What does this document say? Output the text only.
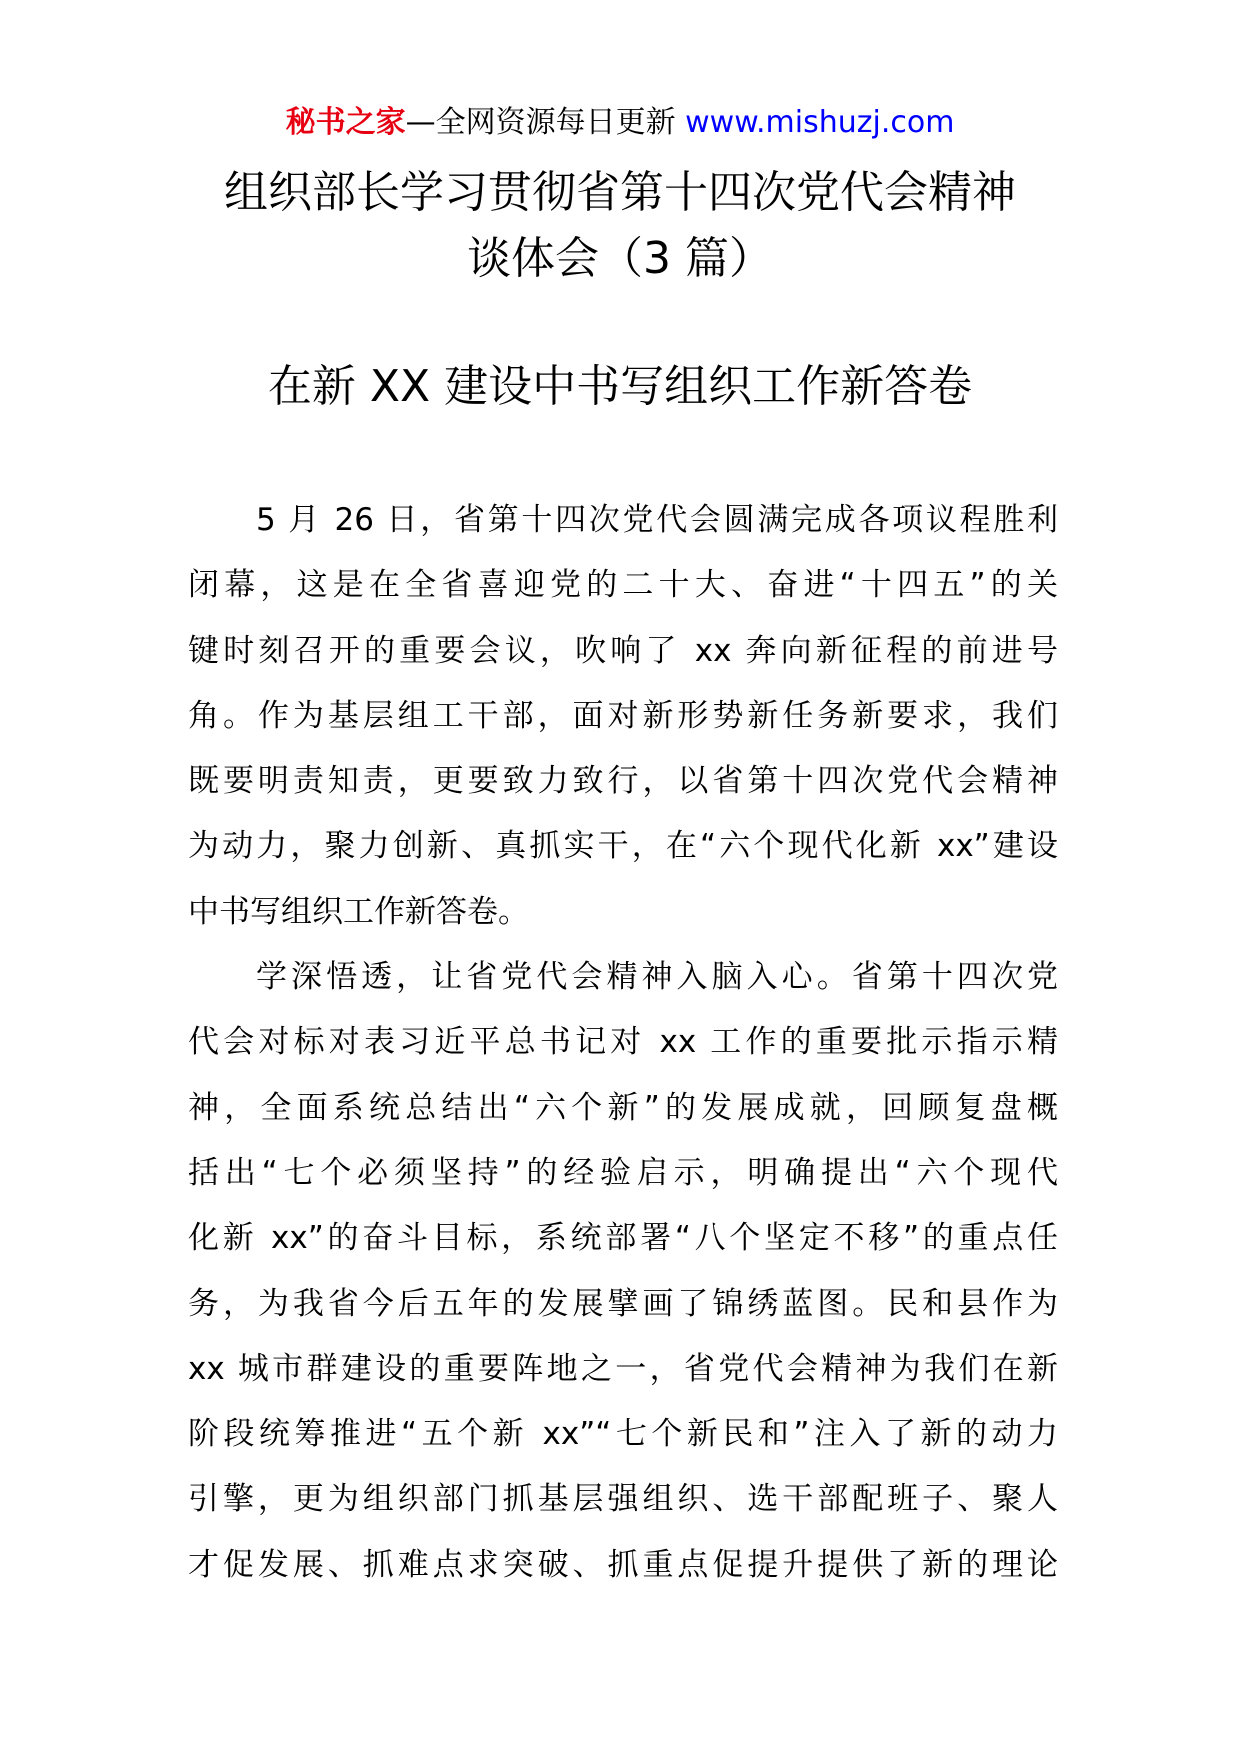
秘书之家—全网资源每日更新 www.mishuzj.com
组织部长学习贯彻省第十四次党代会精神
谈体会（3 篇）
在新 XX 建设中书写组织工作新答卷
5 月 26 日，省第十四次党代会圆满完成各项议程胜利
闭幕，这是在全省喜迎党的二十大、奋进“十四五”的关
键时刻召开的重要会议，吹响了 xx 奔向新征程的前进号
角。作为基层组工干部，面对新形势新任务新要求，我们
既要明责知责，更要致力致行，以省第十四次党代会精神
为动力，聚力创新、真抓实干，在“六个现代化新 xx”建设
中书写组织工作新答卷。
学深悟透，让省党代会精神入脑入心。省第十四次党
代会对标对表习近平总书记对 xx 工作的重要批示指示精
神，全面系统总结出“六个新”的发展成就，回顾复盘概
括出“七个必须坚持”的经验启示，明确提出“六个现代
化新 xx”的奋斗目标，系统部署“八个坚定不移”的重点任
务，为我省今后五年的发展擘画了锦绣蓝图。民和县作为
xx 城市群建设的重要阵地之一，省党代会精神为我们在新
阶段统筹推进“五个新 xx”“七个新民和”注入了新的动力
引擎，更为组织部门抓基层强组织、选干部配班子、聚人
才促发展、抓难点求突破、抓重点促提升提供了新的理论
